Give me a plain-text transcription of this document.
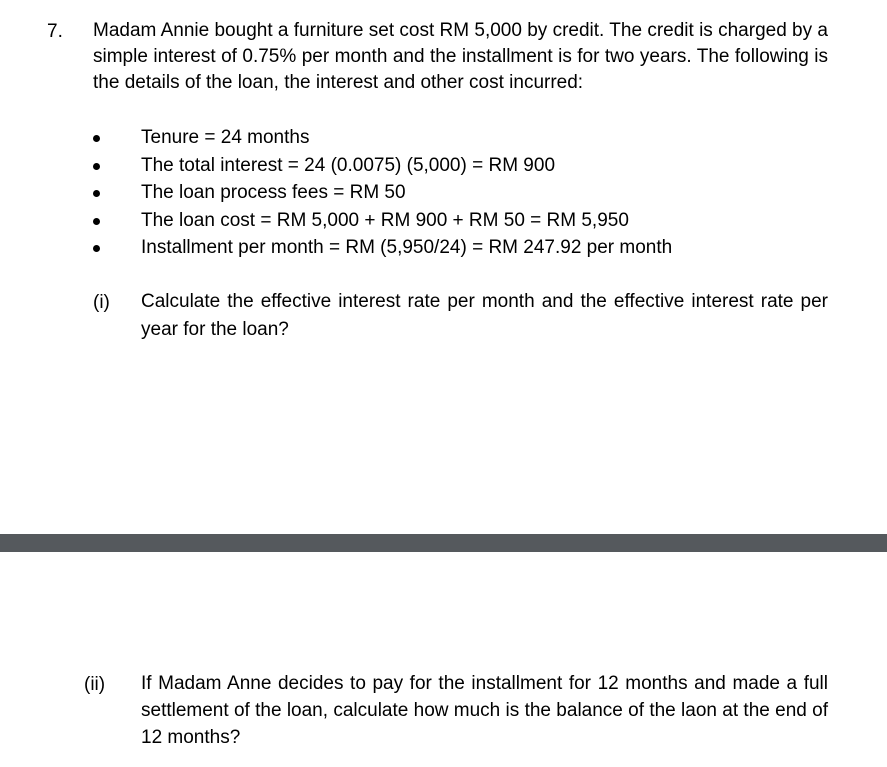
7. Madam Annie bought a furniture set cost RM 5,000 by credit. The credit is charged by a simple interest of 0.75% per month and the installment is for two years. The following is the details of the loan, the interest and other cost incurred:
Tenure = 24 months
The total interest = 24 (0.0075) (5,000) = RM 900
The loan process fees = RM 50
The loan cost = RM 5,000 + RM 900 + RM 50 = RM 5,950
Installment per month = RM (5,950/24) = RM 247.92 per month
(i) Calculate the effective interest rate per month and the effective interest rate per year for the loan?
(ii) If Madam Anne decides to pay for the installment for 12 months and made a full settlement of the loan, calculate how much is the balance of the laon at the end of 12 months?
